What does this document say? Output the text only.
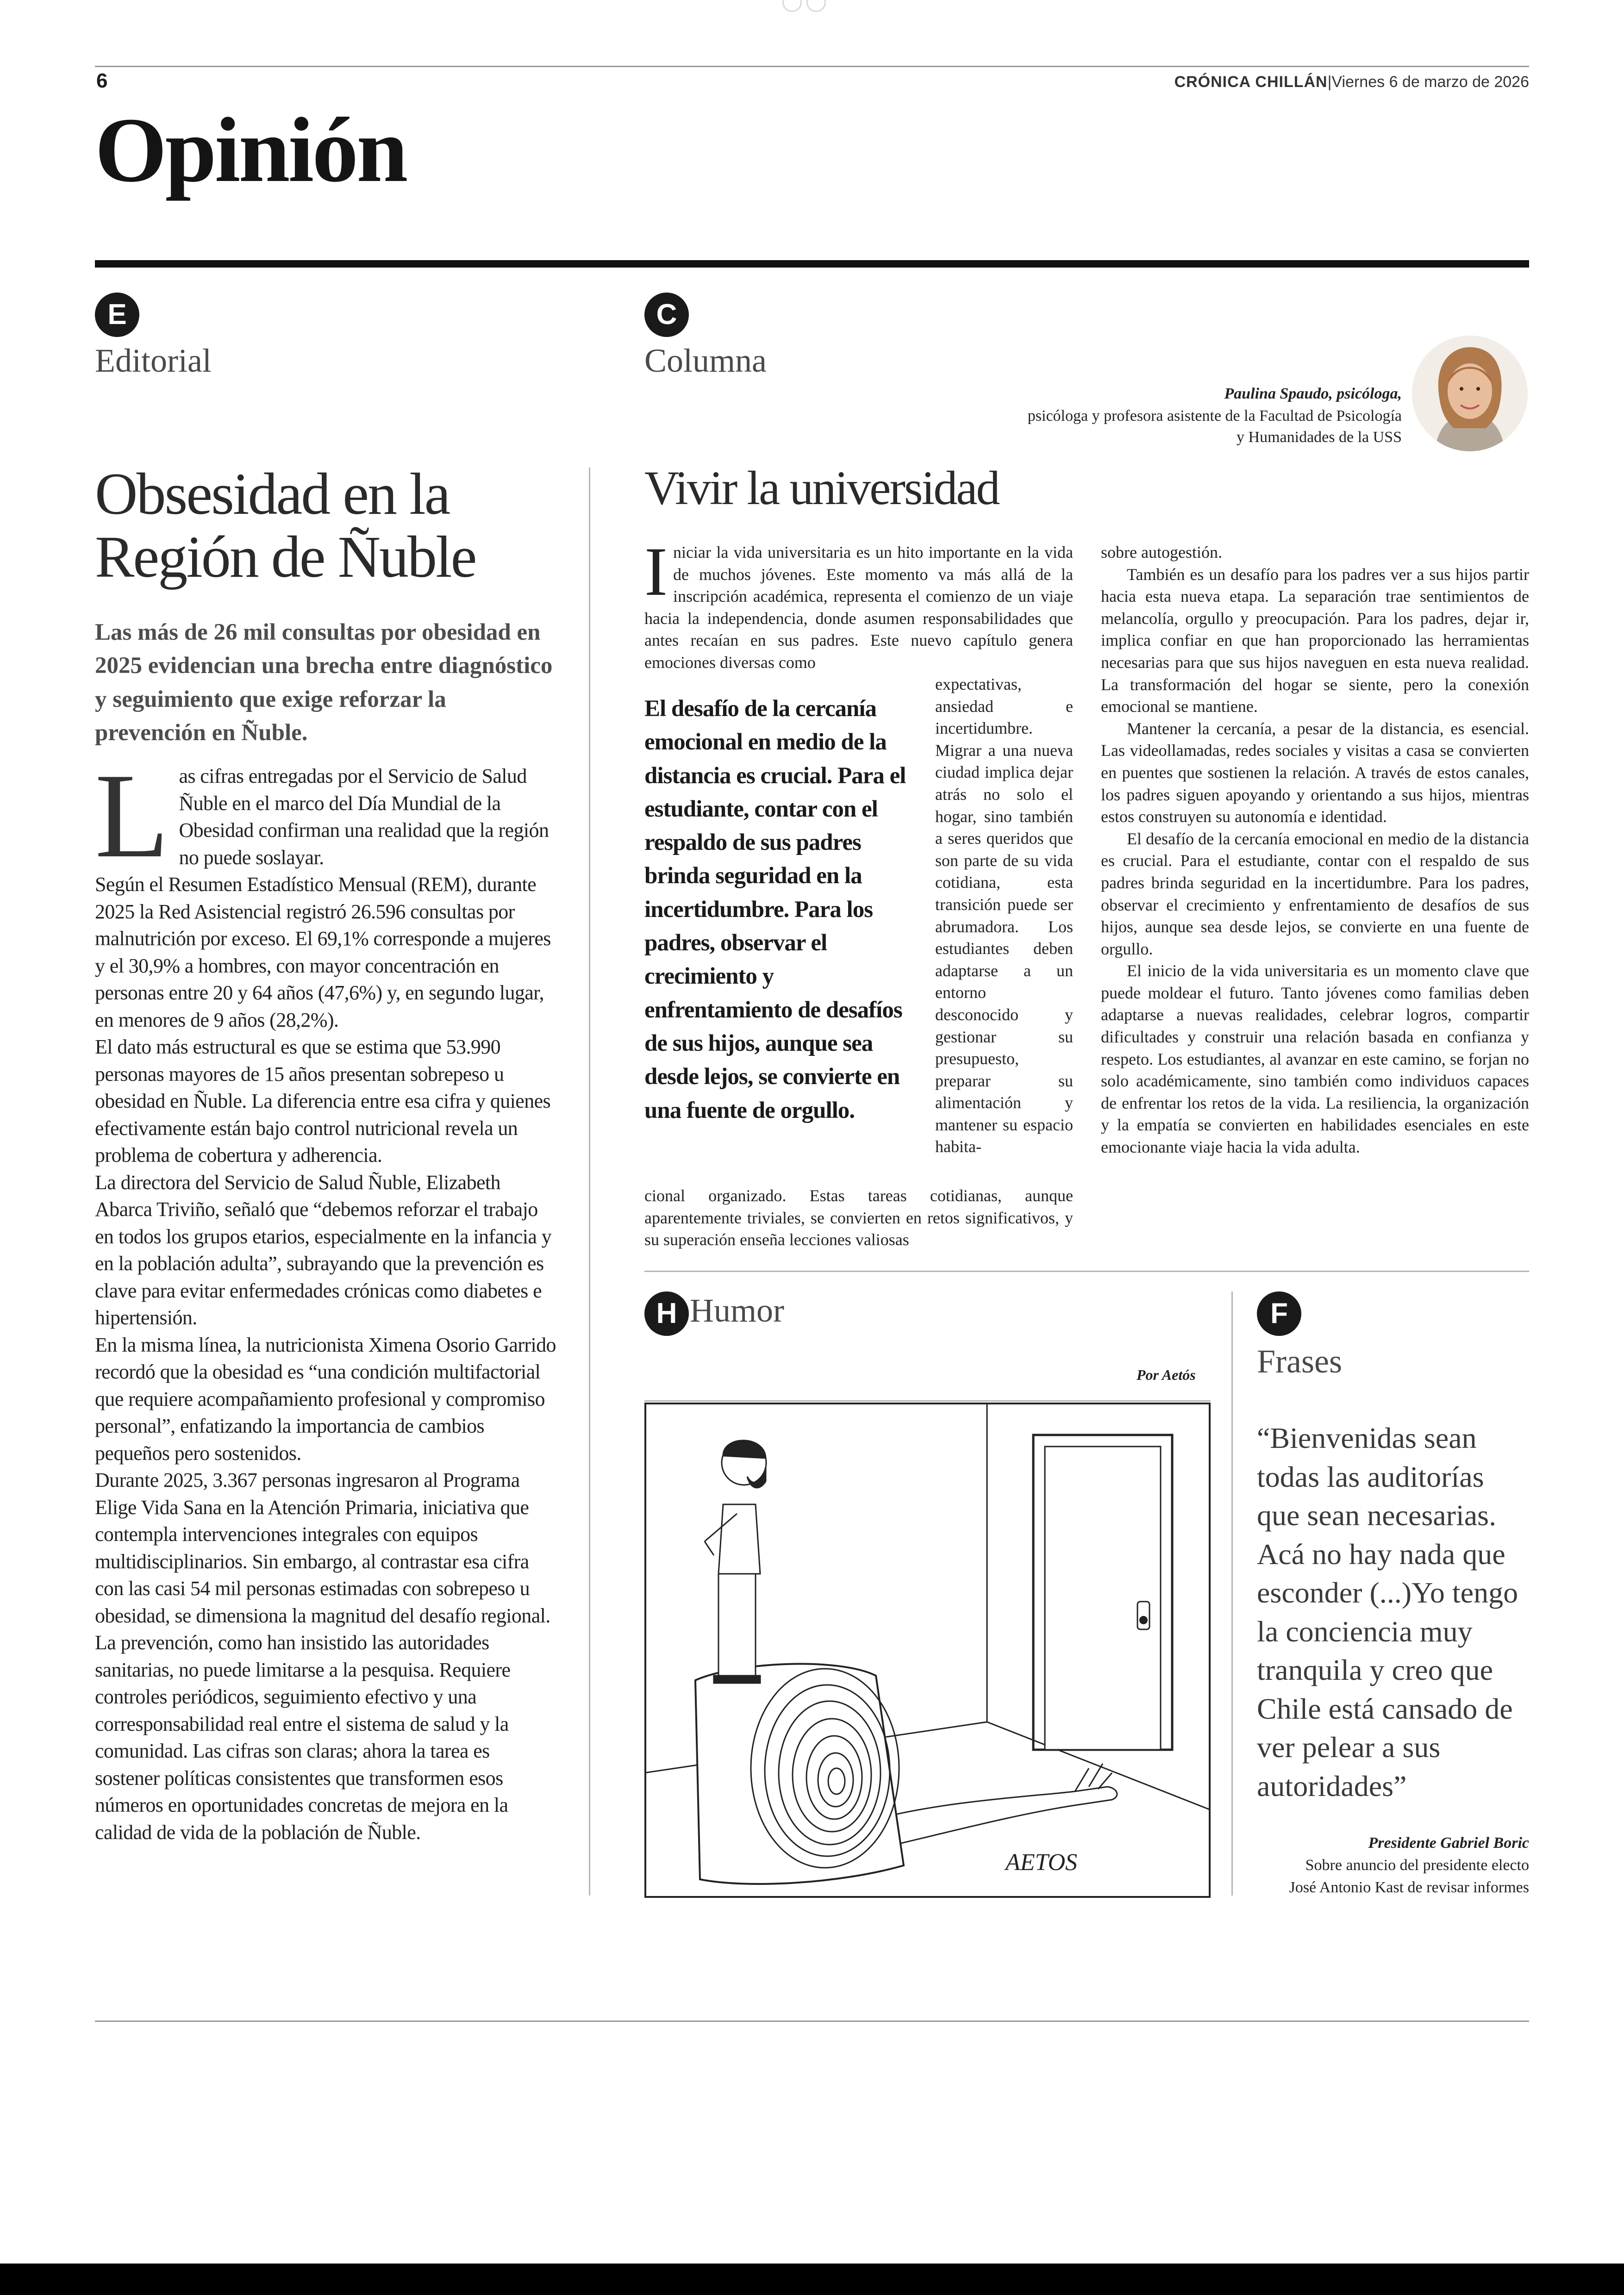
6	CRÓNICA CHILLÁN|Viernes 6 de marzo de 2026
Opinión
E
Editorial
Obsesidad en la Región de Ñuble
Las más de 26 mil consultas por obesidad en 2025 evidencian una brecha entre diagnóstico y seguimiento que exige reforzar la prevención en Ñuble.

Las cifras entregadas por el Servicio de Salud Ñuble en el marco del Día Mundial de la Obesidad confirman una realidad que la región no puede soslayar.

Según el Resumen Estadístico Mensual (REM), durante 2025 la Red Asistencial registró 26.596 consultas por malnutrición por exceso. El 69,1% corresponde a mujeres y el 30,9% a hombres, con mayor concentración en personas entre 20 y 64 años (47,6%) y, en segundo lugar, en menores de 9 años (28,2%).

El dato más estructural es que se estima que 53.990 personas mayores de 15 años presentan sobrepeso u obesidad en Ñuble. La diferencia entre esa cifra y quienes efectivamente están bajo control nutricional revela un problema de cobertura y adherencia.

La directora del Servicio de Salud Ñuble, Elizabeth Abarca Triviño, señaló que “debemos reforzar el trabajo en todos los grupos etarios, especialmente en la infancia y en la población adulta”, subrayando que la prevención es clave para evitar enfermedades crónicas como diabetes e hipertensión.

En la misma línea, la nutricionista Ximena Osorio Garrido recordó que la obesidad es “una condición multifactorial que requiere acompañamiento profesional y compromiso personal”, enfatizando la importancia de cambios pequeños pero sostenidos.

Durante 2025, 3.367 personas ingresaron al Programa Elige Vida Sana en la Atención Primaria, iniciativa que contempla intervenciones integrales con equipos multidisciplinarios. Sin embargo, al contrastar esa cifra con las casi 54 mil personas estimadas con sobrepeso u obesidad, se dimensiona la magnitud del desafío regional.

La prevención, como han insistido las autoridades sanitarias, no puede limitarse a la pesquisa. Requiere controles periódicos, seguimiento efectivo y una corresponsabilidad real entre el sistema de salud y la comunidad. Las cifras son claras; ahora la tarea es sostener políticas consistentes que transformen esos números en oportunidades concretas de mejora en la calidad de vida de la población de Ñuble.

C
Columna
Paulina Spaudo, psicóloga,
psicóloga y profesora asistente de la Facultad de Psicología
y Humanidades de la USS
Vivir la universidad

Iniciar la vida universitaria es un hito importante en la vida de muchos jóvenes. Este momento va más allá de la inscripción académica, representa el comienzo de un viaje hacia la independencia, donde asumen responsabilidades que antes recaían en sus padres. Este nuevo capítulo genera emociones diversas como

El desafío de la cercanía emocional en medio de la distancia es crucial. Para el estudiante, contar con el respaldo de sus padres brinda seguridad en la incertidumbre. Para los padres, observar el crecimiento y enfrentamiento de desafíos de sus hijos, aunque sea desde lejos, se convierte en una fuente de orgullo.
expectativas, ansiedad e incertidumbre. Migrar a una nueva ciudad implica dejar atrás no solo el hogar, sino también a seres queridos que son parte de su vida cotidiana, esta transición puede ser abrumadora. Los estudiantes deben adaptarse a un entorno desconocido y gestionar su presupuesto, preparar su alimentación y mantener su espacio habita-
cional organizado. Estas tareas cotidianas, aunque aparentemente triviales, se convierten en retos significativos, y su superación enseña lecciones valiosas

sobre autogestión.

También es un desafío para los padres ver a sus hijos partir hacia esta nueva etapa. La separación trae sentimientos de melancolía, orgullo y preocupación. Para los padres, dejar ir, implica confiar en que han proporcionado las herramientas necesarias para que sus hijos naveguen en esta nueva realidad. La transformación del hogar se siente, pero la conexión emocional se mantiene.

Mantener la cercanía, a pesar de la distancia, es esencial. Las videollamadas, redes sociales y visitas a casa se convierten en puentes que sostienen la relación. A través de estos canales, los padres siguen apoyando y orientando a sus hijos, mientras estos construyen su autonomía e identidad.

El desafío de la cercanía emocional en medio de la distancia es crucial. Para el estudiante, contar con el respaldo de sus padres brinda seguridad en la incertidumbre. Para los padres, observar el crecimiento y enfrentamiento de desafíos de sus hijos, aunque sea desde lejos, se convierte en una fuente de orgullo.

El inicio de la vida universitaria es un momento clave que puede moldear el futuro. Tanto jóvenes como familias deben adaptarse a nuevas realidades, celebrar logros, compartir dificultades y construir una relación basada en confianza y respeto. Los estudiantes, al avanzar en este camino, se forjan no solo académicamente, sino también como individuos capaces de enfrentar los retos de la vida. La resiliencia, la organización y la empatía se convierten en habilidades esenciales en este emocionante viaje hacia la vida adulta.

H Humor
Por Aetós
AETOS
F
Frases
“Bienvenidas sean todas las auditorías que sean necesarias. Acá no hay nada que esconder (...)Yo tengo la conciencia muy tranquila y creo que Chile está cansado de ver pelear a sus autoridades”
Presidente Gabriel Boric
Sobre anuncio del presidente electo
José Antonio Kast de revisar informes
